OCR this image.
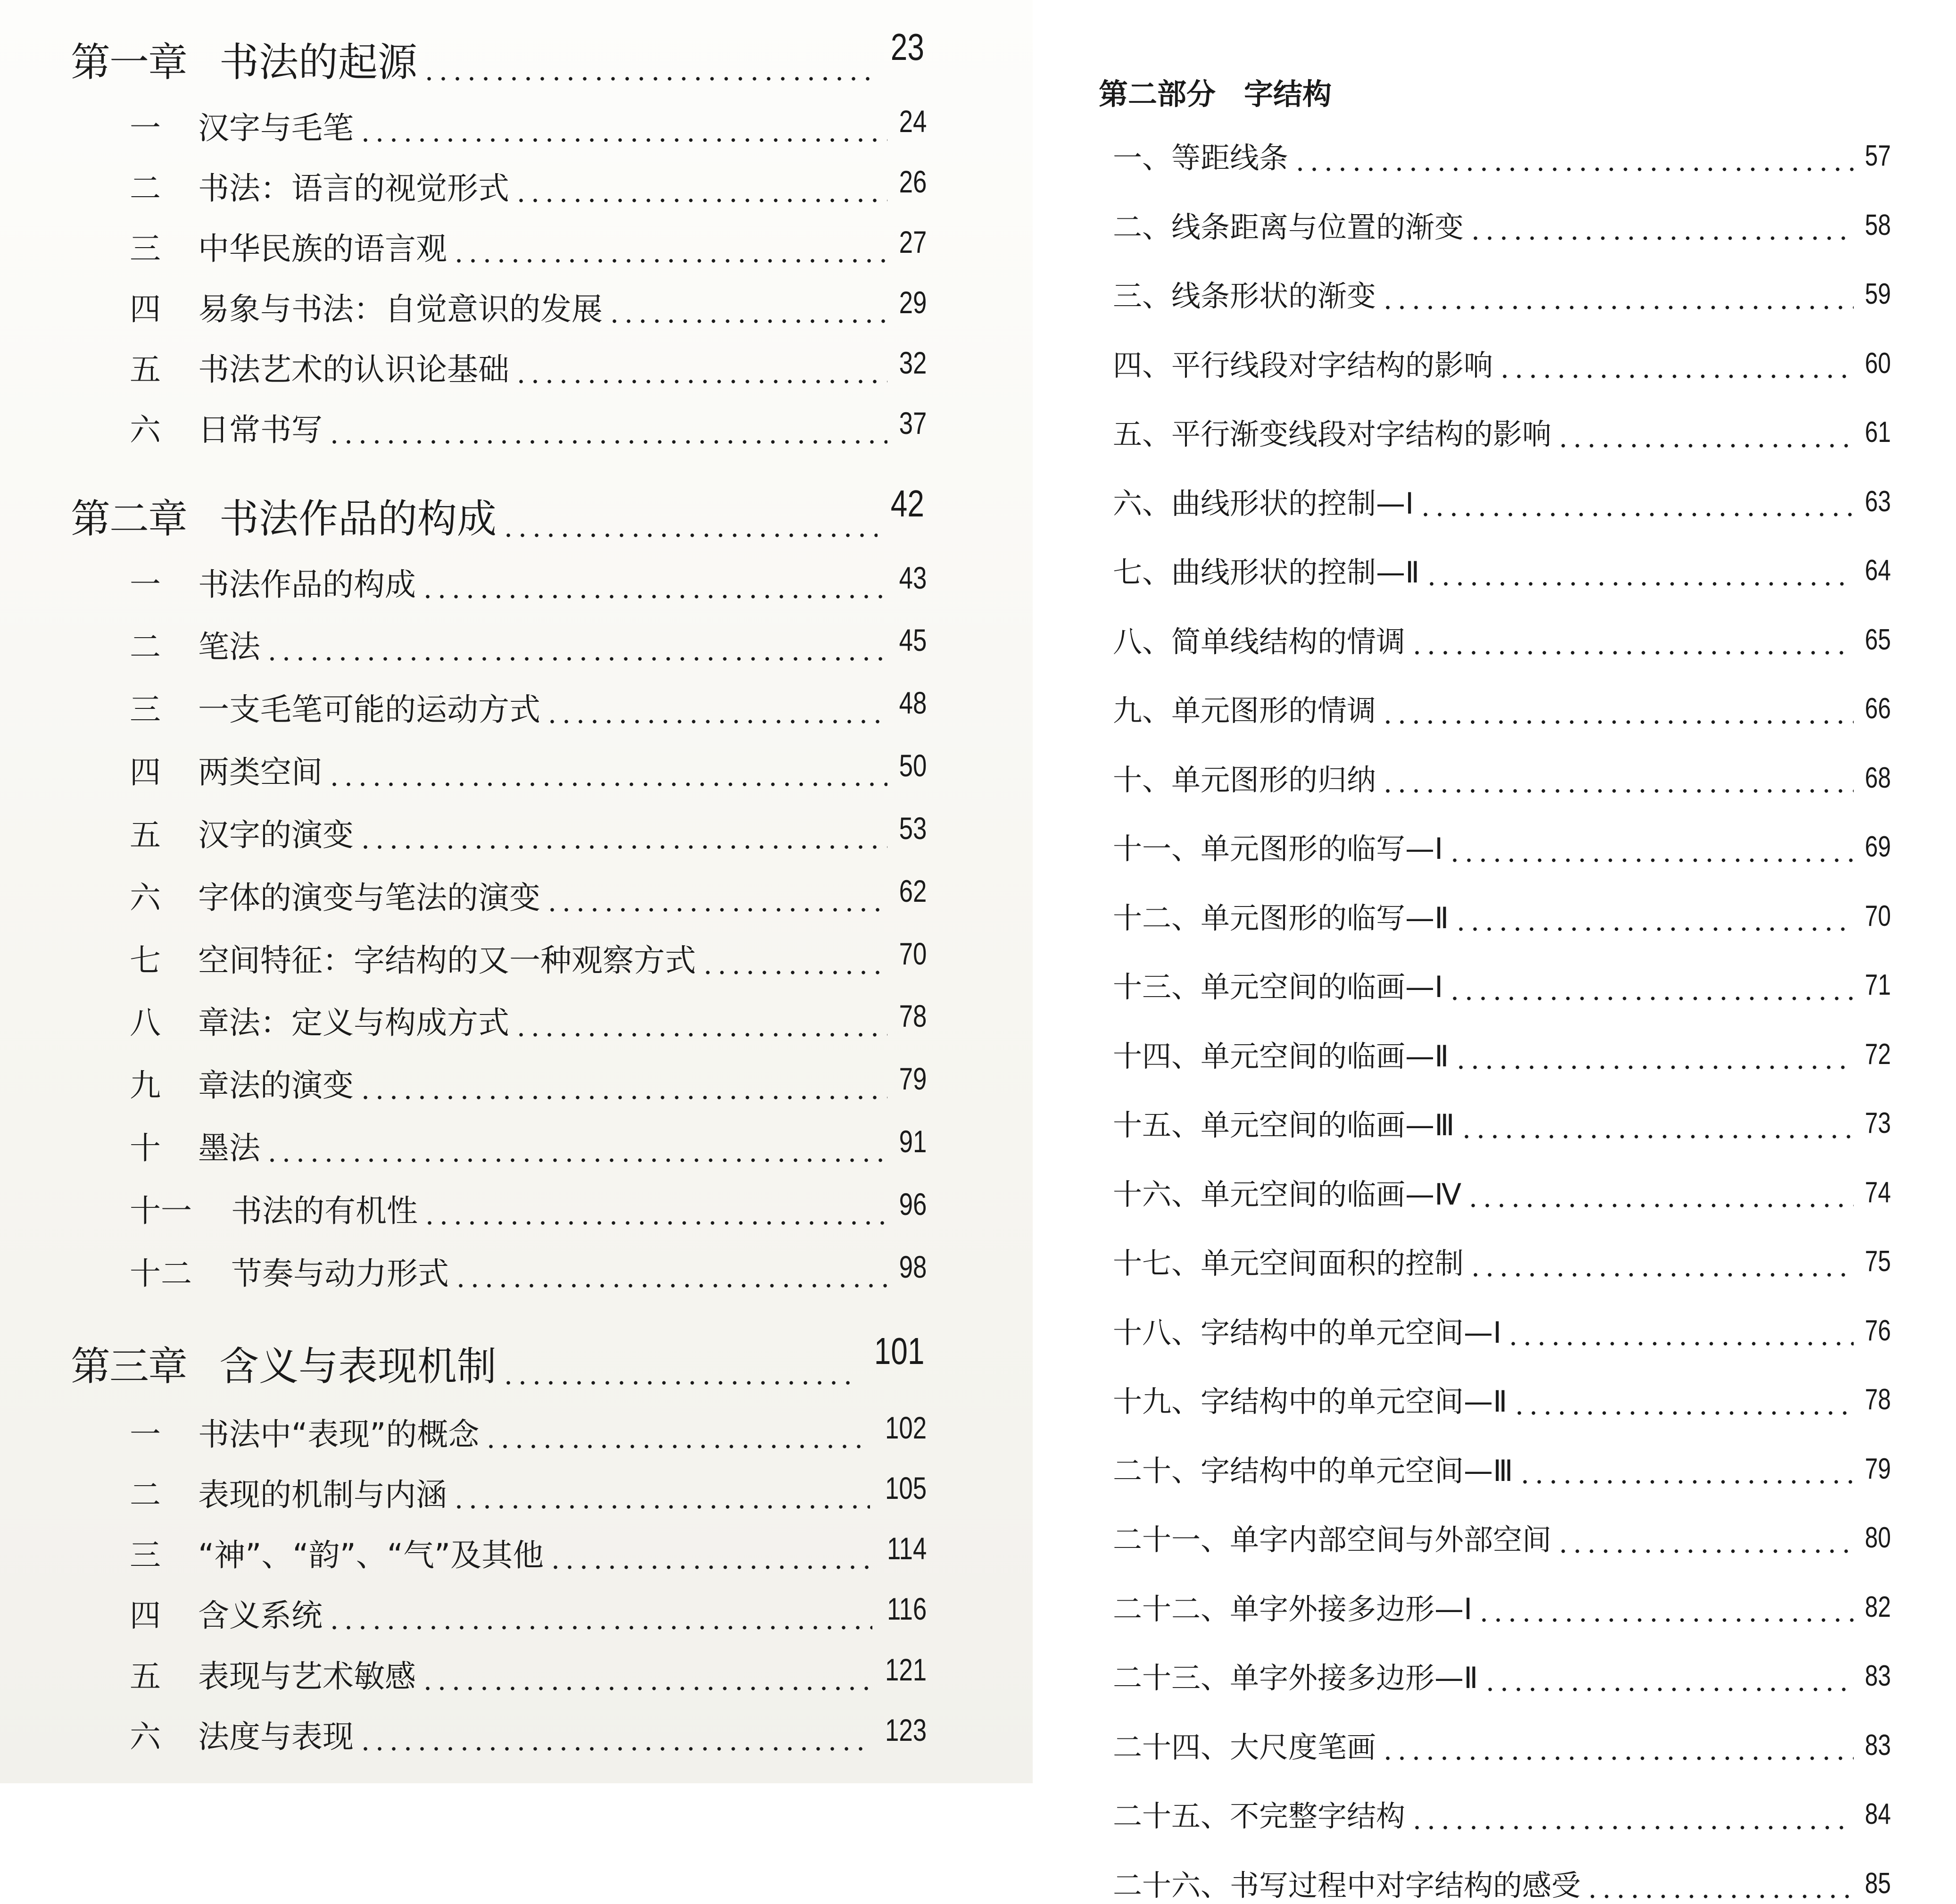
第一章 书法的起源	23
一	汉字与毛笔	24
二	书法：语言的视觉形式	26
三	中华民族的语言观	27
四	易象与书法：自觉意识的发展	29
五	书法艺术的认识论基础	32
六	日常书写	37
第二章 书法作品的构成	42
一	书法作品的构成	43
二	笔法	45
三	一支毛笔可能的运动方式	48
四	两类空间	50
五	汉字的演变	53
六	字体的演变与笔法的演变	62
七	空间特征：字结构的又一种观察方式	70
八	章法：定义与构成方式	78
九	章法的演变	79
十	墨法	91
十一	书法的有机性	96
十二	节奏与动力形式	98
第三章 含义与表现机制	101
一	书法中“表现”的概念	102
二	表现的机制与内涵	105
三	“神”、“韵”、“气”及其他	114
四	含义系统	116
五	表现与艺术敏感	121
六	法度与表现	123
第二部分 字结构
一、等距线条	57
二、线条距离与位置的渐变	58
三、线条形状的渐变	59
四、平行线段对字结构的影响	60
五、平行渐变线段对字结构的影响	61
六、曲线形状的控制—Ⅰ	63
七、曲线形状的控制—Ⅱ	64
八、简单线结构的情调	65
九、单元图形的情调	66
十、单元图形的归纳	68
十一、单元图形的临写—Ⅰ	69
十二、单元图形的临写—Ⅱ	70
十三、单元空间的临画—Ⅰ	71
十四、单元空间的临画—Ⅱ	72
十五、单元空间的临画—Ⅲ	73
十六、单元空间的临画—Ⅳ	74
十七、单元空间面积的控制	75
十八、字结构中的单元空间—Ⅰ	76
十九、字结构中的单元空间—Ⅱ	78
二十、字结构中的单元空间—Ⅲ	79
二十一、单字内部空间与外部空间	80
二十二、单字外接多边形—Ⅰ	82
二十三、单字外接多边形—Ⅱ	83
二十四、大尺度笔画	83
二十五、不完整字结构	84
二十六、书写过程中对字结构的感受	85
